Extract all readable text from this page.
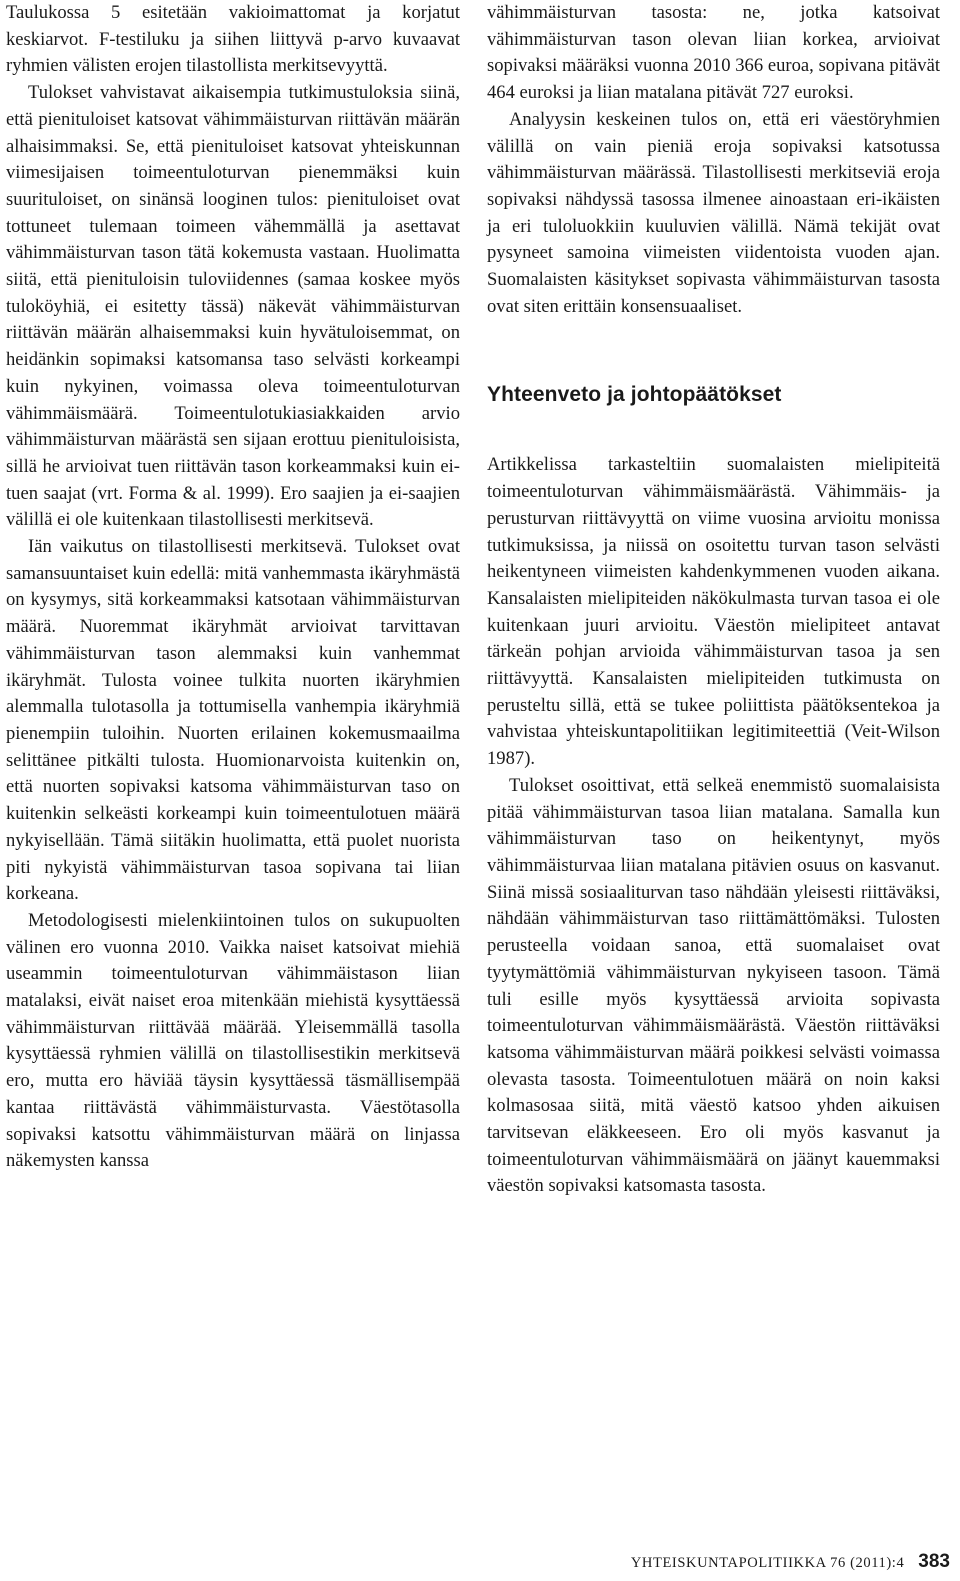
Taulukossa 5 esitetään vakioimattomat ja korjatut keskiarvot. F-testiluku ja siihen liittyvä p-arvo kuvaavat ryhmien välisten erojen tilastollista merkitsevyyttä.

Tulokset vahvistavat aikaisempia tutkimustuloksia siinä, että pienituloiset katsovat vähimmäisturvan riittävän määrän alhaisimmaksi. Se, että pienituloiset katsovat yhteiskunnan viimesijaisen toimeentuloturvan pienemmäksi kuin suurituloiset, on sinänsä looginen tulos: pienituloiset ovat tottuneet tulemaan toimeen vähemmällä ja asettavat vähimmäisturvan tason tätä kokemusta vastaan. Huolimatta siitä, että pienituloisin tuloviidennes (samaa koskee myös tuloköyhiä, ei esitetty tässä) näkevät vähimmäisturvan riittävän määrän alhaisemmaksi kuin hyvätuloisemmat, on heidänkin sopimaksi katsomansa taso selvästi korkeampi kuin nykyinen, voimassa oleva toimeentuloturvan vähimmäismäärä. Toimeentulotukiasiakkaiden arvio vähimmäisturvan määrästä sen sijaan erottuu pienituloisista, sillä he arvioivat tuen riittävän tason korkeammaksi kuin ei-tuen saajat (vrt. Forma & al. 1999). Ero saajien ja ei-saajien välillä ei ole kuitenkaan tilastollisesti merkitsevä.

Iän vaikutus on tilastollisesti merkitsevä. Tulokset ovat samansuuntaiset kuin edellä: mitä vanhemmasta ikäryhmästä on kysymys, sitä korkeammaksi katsotaan vähimmäisturvan määrä. Nuoremmat ikäryhmät arvioivat tarvittavan vähimmäisturvan tason alemmaksi kuin vanhemmat ikäryhmät. Tulosta voinee tulkita nuorten ikäryhmien alemmalla tulotasolla ja tottumisella vanhempia ikäryhmiä pienempiin tuloihin. Nuorten erilainen kokemusmaailma selittänee pitkälti tulosta. Huomionarvoista kuitenkin on, että nuorten sopivaksi katsoma vähimmäisturvan taso on kuitenkin selkeästi korkeampi kuin toimeentulotuen määrä nykyisellään. Tämä siitäkin huolimatta, että puolet nuorista piti nykyistä vähimmäisturvan tasoa sopivana tai liian korkeana.

Metodologisesti mielenkiintoinen tulos on sukupuolten välinen ero vuonna 2010. Vaikka naiset katsoivat miehiä useammin toimeentuloturvan vähimmäistason liian matalaksi, eivät naiset eroa mitenkään miehistä kysyttäessä vähimmäisturvan riittävää määrää. Yleisemmällä tasolla kysyttäessä ryhmien välillä on tilastollisestikin merkitsevä ero, mutta ero häviää täysin kysyttäessä täsmällisempää kantaa riittävästä vähimmäisturvasta. Väestötasolla sopivaksi katsottu vähimmäisturvan määrä on linjassa näkemysten kanssa

vähimmäisturvan tasosta: ne, jotka katsoivat vähimmäisturvan tason olevan liian korkea, arvioivat sopivaksi määräksi vuonna 2010 366 euroa, sopivana pitävät 464 euroksi ja liian matalana pitävät 727 euroksi.

Analyysin keskeinen tulos on, että eri väestöryhmien välillä on vain pieniä eroja sopivaksi katsotussa vähimmäisturvan määrässä. Tilastollisesti merkitseviä eroja sopivaksi nähdyssä tasossa ilmenee ainoastaan eri-ikäisten ja eri tuloluokkiin kuuluvien välillä. Nämä tekijät ovat pysyneet samoina viimeisten viidentoista vuoden ajan. Suomalaisten käsitykset sopivasta vähimmäisturvan tasosta ovat siten erittäin konsensuaaliset.

Yhteenveto ja johtopäätökset

Artikkelissa tarkasteltiin suomalaisten mielipiteitä toimeentuloturvan vähimmäismäärästä. Vähimmäis- ja perusturvan riittävyyttä on viime vuosina arvioitu monissa tutkimuksissa, ja niissä on osoitettu turvan tason selvästi heikentyneen viimeisten kahdenkymmenen vuoden aikana. Kansalaisten mielipiteiden näkökulmasta turvan tasoa ei ole kuitenkaan juuri arvioitu. Väestön mielipiteet antavat tärkeän pohjan arvioida vähimmäisturvan tasoa ja sen riittävyyttä. Kansalaisten mielipiteiden tutkimusta on perusteltu sillä, että se tukee poliittista päätöksentekoa ja vahvistaa yhteiskuntapolitiikan legitimiteettiä (Veit-Wilson 1987).

Tulokset osoittivat, että selkeä enemmistö suomalaisista pitää vähimmäisturvan tasoa liian matalana. Samalla kun vähimmäisturvan taso on heikentynyt, myös vähimmäisturvaa liian matalana pitävien osuus on kasvanut. Siinä missä sosiaaliturvan taso nähdään yleisesti riittäväksi, nähdään vähimmäisturvan taso riittämättömäksi. Tulosten perusteella voidaan sanoa, että suomalaiset ovat tyytymättömiä vähimmäisturvan nykyiseen tasoon. Tämä tuli esille myös kysyttäessä arvioita sopivasta toimeentuloturvan vähimmäismäärästä. Väestön riittäväksi katsoma vähimmäisturvan määrä poikkesi selvästi voimassa olevasta tasosta. Toimeentulotuen määrä on noin kaksi kolmasosaa siitä, mitä väestö katsoo yhden aikuisen tarvitsevan eläkkeeseen. Ero oli myös kasvanut ja toimeentuloturvan vähimmäismäärä on jäänyt kauemmaksi väestön sopivaksi katsomasta tasosta.

YHTEISKUNTAPOLITIIKKA 76 (2011):4 383
